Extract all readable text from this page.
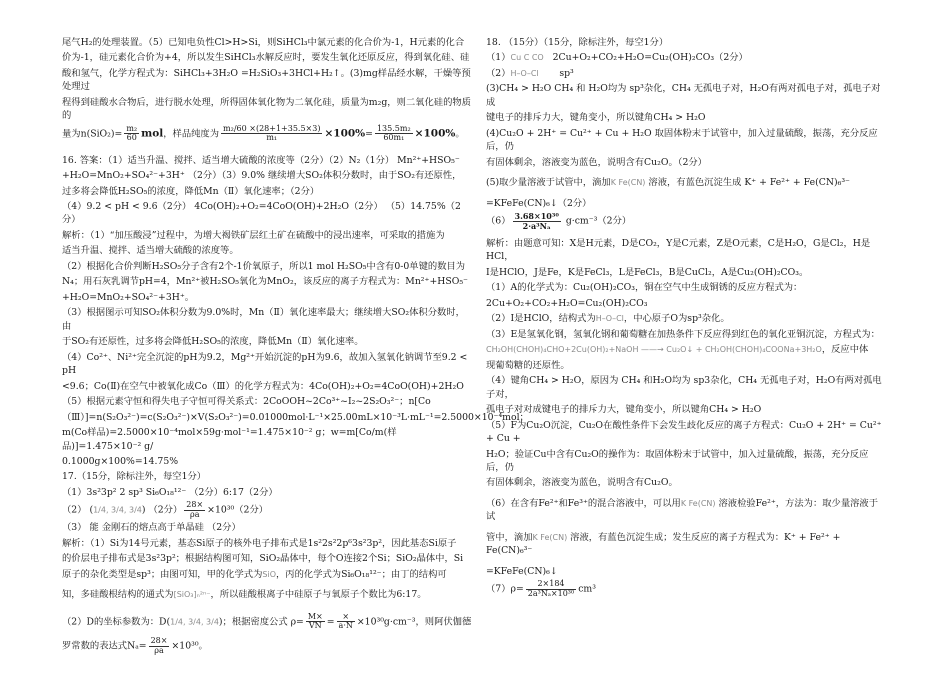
尾气H₂的处理装置。（5）已知电负性Cl>H>Si，则SiHCl₃中氯元素的化合价为-1，H元素的化合

价为-1，硅元素化合价为+4，所以发生SiHCl₃水解反应时，要发生氧化还原反应，得到氧化硅、硅

酸和氢气，化学方程式为：SiHCl₃+3H₂O =H₂SiO₃+3HCl+H₂↑。(3)mg样品经水解，干燥等预处理过

程得到硅酸水合物后，进行脱水处理，所得固体氧化物为二氧化硅，质量为m₂g，则二氧化硅的物质的

量为$n(SiO_2)= \frac{\text{m₂}}{60}$ mol，样品纯度为 $\frac{\text{m₂/60 ×(28+1+35.5×3)}}{\text{m₁}} \times 100\%= \frac{\text{135.5m₂}}{\text{60m₁}} \times 100\%$。

16. 答案：（1）适当升温、搅拌、适当增大硫酸的浓度等（2分）（2）N₂（1分） Mn²⁺+HSO₅⁻

+H₂O=MnO₂+SO₄²⁻+3H⁺ （2分）（3）9.0% 继续增大SO₂体积分数时，由于SO₂有还原性，

过多将会降低H₂SO₅的浓度，降低Mn（Ⅱ）氧化速率；（2分）

（4）9.2 < pH < 9.6（2分） 4Co(OH)₂+O₂=4CoO(OH)+2H₂O（2分） （5）14.75%（2分）

解析：（1）“加压酸浸”过程中，为增大褐铁矿层红土矿在硫酸中的浸出速率，可采取的措施为

适当升温、搅拌、适当增大硫酸的浓度等。

（2）根据化合价判断H₂SO₅分子含有2个-1价氧原子，所以1 mol H₂SO₅中含有0-0单键的数目为

N₄；用石灰乳调节pH=4，Mn²⁺被H₂SO₅氧化为MnO₂，该反应的离子方程式为：Mn²⁺+HSO₅⁻

+H₂O=MnO₂+SO₄²⁻+3H⁺。

（3）根据图示可知SO₂体积分数为9.0%时，Mn（Ⅱ）氧化速率最大；继续增大SO₂体积分数时，由

于SO₂有还原性，过多将会降低H₂SO₅的浓度，降低Mn（Ⅱ）氧化速率。

（4）Co²⁺、Ni²⁺完全沉淀的pH为9.2，Mg²⁺开始沉淀的pH为9.6，故加入氢氧化钠调节至9.2 < pH

<9.6；Co(Ⅱ)在空气中被氧化成Co（Ⅲ）的化学方程式为：4Co(OH)₂+O₂=4CoO(OH)+2H₂O

（5）根据元素守恒和得失电子守恒可得关系式：2CoOOH~2Co³⁺~I₂~2S₂O₃²⁻；n[Co

（Ⅲ）]=n(S₂O₃²⁻)=c(S₂O₃²⁻)×V(S₂O₃²⁻)=0.01000mol·L⁻¹×25.00mL×10⁻³L·mL⁻¹=2.5000×10⁻⁴mol；

m(Co样品)=2.5000×10⁻⁴mol×59g·mol⁻¹=1.475×10⁻² g；w=m[Co/m(样品)]=1.475×10⁻² g/

0.1000g×100%=14.75%

17.（15分，除标注外，每空1分）

（1）3s²3p² 2 sp³ Si₆O₁₈¹²⁻ （2分）6:17（2分）

（2） (1/4, 3/4, 3/4) （2分） $\frac{28\times}{\rho a} \times 10^{30}(2$分）

（3） 能 金刚石的熔点高于单晶硅 （2分）

解析：（1）Si为14号元素，基态Si原子的核外电子排布式是1s²2s²2p⁶3s²3p²，因此基态Si原子

的价层电子排布式是3s²3p²；根据结构图可知，SiO₂晶体中，每个O连接2个Si；SiO₂晶体中，Si

原子的杂化类型是sp³；由图可知，甲的化学式为SiO，丙的化学式为Si₆O₁₈¹²⁻；由丁的结构可

知，多硅酸根结构的通式为[SiO₃]ₙ²ⁿ⁻，所以硅酸根离子中硅原子与氧原子个数比为6:17。

（2）D的坐标参数为：D(1/4, 3/4, 3/4)；根据密度公式 $\rho= \frac{M\times}{VN} = \frac{\times}{a\cdot N} \times 10^{30}g\cdot cm^{-3}$，则阿伏伽德

罗常数的表达式$N_a= \frac{28\times}{\rho a} \times 10^{30}$。

18. （15分）（15分，除标注外，每空1分）

（1）Cu C CO 2Cu+O₂+CO₂+H₂O=Cu₂(OH)₂CO₃（2分）

（2）H–O–Cl sp³

(3)CH₄ > H₂O CH₄ 和 H₂O均为 sp³杂化，CH₄ 无孤电子对，H₂O有两对孤电子对，孤电子对成

键电子的排斥力大，键角变小，所以键角CH₄ > H₂O

(4)Cu₂O + 2H⁺ = Cu²⁺ + Cu + H₂O 取固体粉末于试管中，加入过量硫酸，振荡，充分反应后，仍

有固体剩余，溶液变为蓝色，说明含有Cu₂O。（2分）

(5)取少量溶液于试管中，滴加K Fe(CN) 溶液，有蓝色沉淀生成 K⁺ + Fe²⁺ + Fe(CN)₆³⁻

=KFeFe(CN)₆↓（2分）

$(6) \frac{\text{3.68×10³⁰}}{\text{2·a³Nₐ}} g\cdot cm^{-3}(2$分）

解析：由题意可知：X是H元素，D是CO₂，Y是C元素，Z是O元素，C是H₂O，G是Cl₂，H是HCl，

I是HClO，J是Fe，K是FeCl₃，L是FeCl₃，B是CuCl₂，A是Cu₂(OH)₂CO₃。

（1）A的化学式为：Cu₂(OH)₂CO₃，铜在空气中生成铜锈的反应方程式为：

2Cu+O₂+CO₂+H₂O=Cu₂(OH)₂CO₃

（2）I是HClO，结构式为H–O–Cl，中心原子O为sp³杂化。

（3）E是氢氧化钢，氢氧化钢和葡萄糖在加热条件下反应得到红色的氧化亚铜沉淀，方程式为：

CH₂OH(CHOH)₄CHO+2Cu(OH)₂+NaOH ——→ Cu₂O↓ + CH₂OH(CHOH)₄COONa+3H₂O，反应中体

现葡萄糖的还原性。

（4）键角CH₄ > H₂O，原因为 CH₄ 和H₂O均为 sp3杂化，CH₄ 无孤电子对，H₂O有两对孤电子对，

孤电子对对成键电子的排斥力大，键角变小，所以键角CH₄ > H₂O

（5）F为Cu₂O沉淀，Cu₂O在酸性条件下会发生歧化反应的离子方程式：Cu₂O + 2H⁺ = Cu²⁺ + Cu +

H₂O；验证Cu中含有Cu₂O的操作为：取固体粉末于试管中，加入过量硫酸，振荡，充分反应后，仍

有固体剩余，溶液变为蓝色，说明含有Cu₂O。

（6）在含有Fe²⁺和Fe³⁺的混合溶液中，可以用K Fe(CN) 溶液检验Fe²⁺，方法为：取少量溶液于试

管中，滴加K Fe(CN) 溶液，有蓝色沉淀生成；发生反应的离子方程式为：K⁺ + Fe²⁺ + Fe(CN)₆³⁻

=KFeFe(CN)₆↓

$(7)\rho= \frac{2\times 184}{\text{2a³Nₐ×10³⁰}} cm^3$
